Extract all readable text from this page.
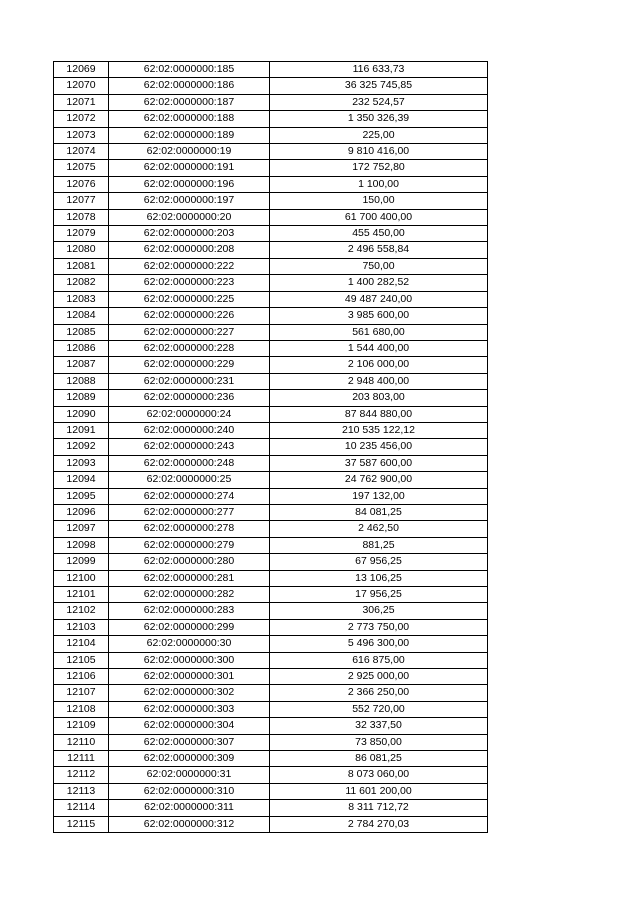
12069	62:02:0000000:185	116 633,73
12070	62:02:0000000:186	36 325 745,85
12071	62:02:0000000:187	232 524,57
12072	62:02:0000000:188	1 350 326,39
12073	62:02:0000000:189	225,00
12074	62:02:0000000:19	9 810 416,00
12075	62:02:0000000:191	172 752,80
12076	62:02:0000000:196	1 100,00
12077	62:02:0000000:197	150,00
12078	62:02:0000000:20	61 700 400,00
12079	62:02:0000000:203	455 450,00
12080	62:02:0000000:208	2 496 558,84
12081	62:02:0000000:222	750,00
12082	62:02:0000000:223	1 400 282,52
12083	62:02:0000000:225	49 487 240,00
12084	62:02:0000000:226	3 985 600,00
12085	62:02:0000000:227	561 680,00
12086	62:02:0000000:228	1 544 400,00
12087	62:02:0000000:229	2 106 000,00
12088	62:02:0000000:231	2 948 400,00
12089	62:02:0000000:236	203 803,00
12090	62:02:0000000:24	87 844 880,00
12091	62:02:0000000:240	210 535 122,12
12092	62:02:0000000:243	10 235 456,00
12093	62:02:0000000:248	37 587 600,00
12094	62:02:0000000:25	24 762 900,00
12095	62:02:0000000:274	197 132,00
12096	62:02:0000000:277	84 081,25
12097	62:02:0000000:278	2 462,50
12098	62:02:0000000:279	881,25
12099	62:02:0000000:280	67 956,25
12100	62:02:0000000:281	13 106,25
12101	62:02:0000000:282	17 956,25
12102	62:02:0000000:283	306,25
12103	62:02:0000000:299	2 773 750,00
12104	62:02:0000000:30	5 496 300,00
12105	62:02:0000000:300	616 875,00
12106	62:02:0000000:301	2 925 000,00
12107	62:02:0000000:302	2 366 250,00
12108	62:02:0000000:303	552 720,00
12109	62:02:0000000:304	32 337,50
12110	62:02:0000000:307	73 850,00
12111	62:02:0000000:309	86 081,25
12112	62:02:0000000:31	8 073 060,00
12113	62:02:0000000:310	11 601 200,00
12114	62:02:0000000:311	8 311 712,72
12115	62:02:0000000:312	2 784 270,03
